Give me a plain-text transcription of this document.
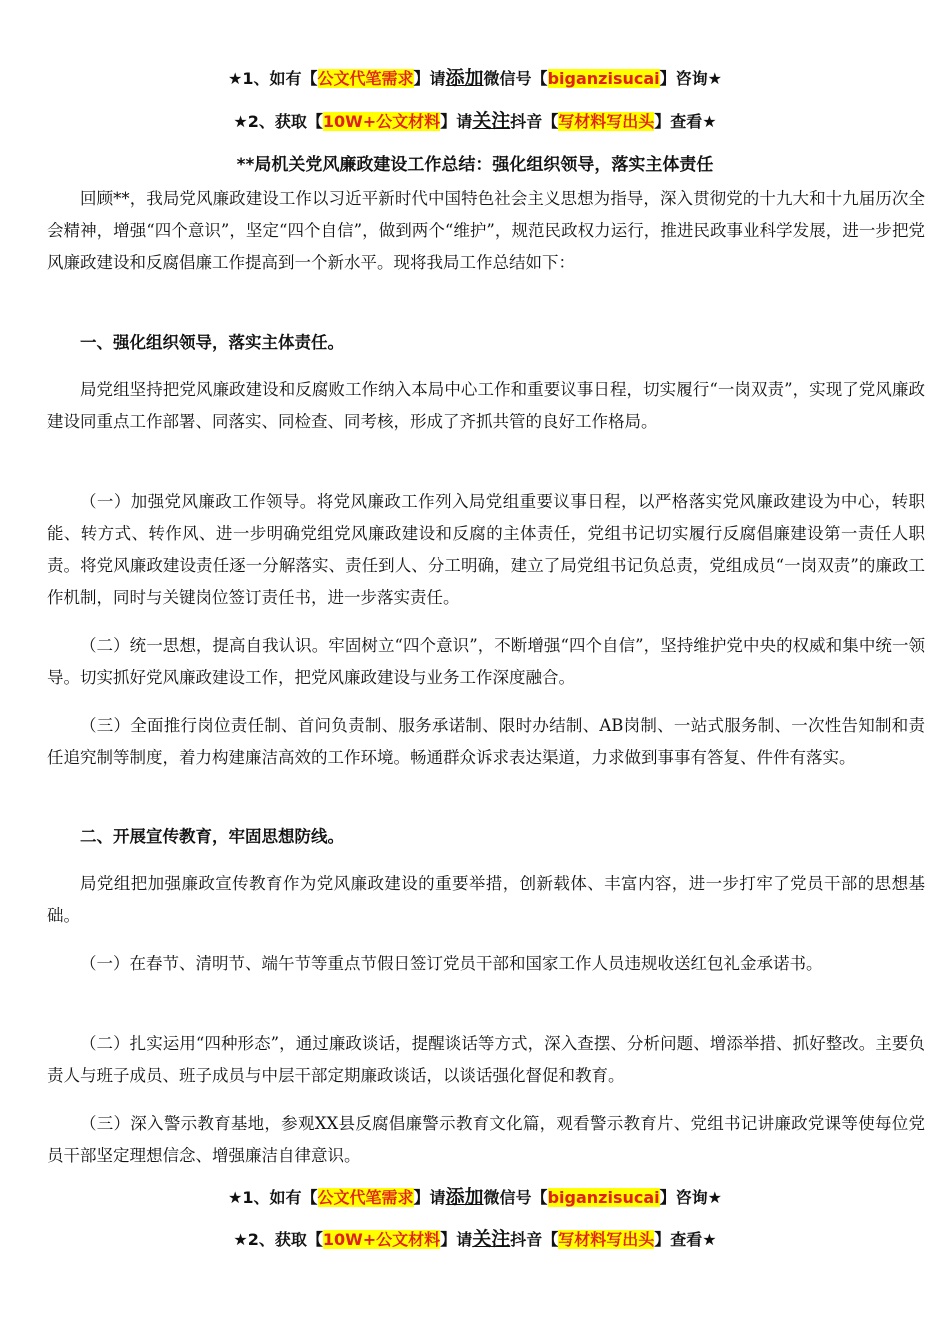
★1、如有【公文代笔需求】请添加微信号【biganzisucai】咨询★
★2、获取【10W+公文材料】请关注抖音【写材料写出头】查看★
**局机关党风廉政建设工作总结：强化组织领导，落实主体责任

回顾**，我局党风廉政建设工作以习近平新时代中国特色社会主义思想为指导，深入贯彻党的十九大和十九届历次全会精神，增强“四个意识”，坚定“四个自信”，做到两个“维护”，规范民政权力运行，推进民政事业科学发展，进一步把党风廉政建设和反腐倡廉工作提高到一个新水平。现将我局工作总结如下：

一、强化组织领导，落实主体责任。

局党组坚持把党风廉政建设和反腐败工作纳入本局中心工作和重要议事日程，切实履行“一岗双责”，实现了党风廉政建设同重点工作部署、同落实、同检查、同考核，形成了齐抓共管的良好工作格局。

（一）加强党风廉政工作领导。将党风廉政工作列入局党组重要议事日程，以严格落实党风廉政建设为中心，转职能、转方式、转作风、进一步明确党组党风廉政建设和反腐的主体责任，党组书记切实履行反腐倡廉建设第一责任人职责。将党风廉政建设责任逐一分解落实、责任到人、分工明确，建立了局党组书记负总责，党组成员“一岗双责”的廉政工作机制，同时与关键岗位签订责任书，进一步落实责任。

（二）统一思想，提高自我认识。牢固树立“四个意识”，不断增强“四个自信”，坚持维护党中央的权威和集中统一领导。切实抓好党风廉政建设工作，把党风廉政建设与业务工作深度融合。

（三）全面推行岗位责任制、首问负责制、服务承诺制、限时办结制、AB岗制、一站式服务制、一次性告知制和责任追究制等制度，着力构建廉洁高效的工作环境。畅通群众诉求表达渠道，力求做到事事有答复、件件有落实。

二、开展宣传教育，牢固思想防线。

局党组把加强廉政宣传教育作为党风廉政建设的重要举措，创新载体、丰富内容，进一步打牢了党员干部的思想基础。

（一）在春节、清明节、端午节等重点节假日签订党员干部和国家工作人员违规收送红包礼金承诺书。

（二）扎实运用“四种形态”，通过廉政谈话，提醒谈话等方式，深入查摆、分析问题、增添举措、抓好整改。主要负责人与班子成员、班子成员与中层干部定期廉政谈话，以谈话强化督促和教育。

（三）深入警示教育基地，参观XX县反腐倡廉警示教育文化篇，观看警示教育片、党组书记讲廉政党课等使每位党员干部坚定理想信念、增强廉洁自律意识。

★1、如有【公文代笔需求】请添加微信号【biganzisucai】咨询★
★2、获取【10W+公文材料】请关注抖音【写材料写出头】查看★
